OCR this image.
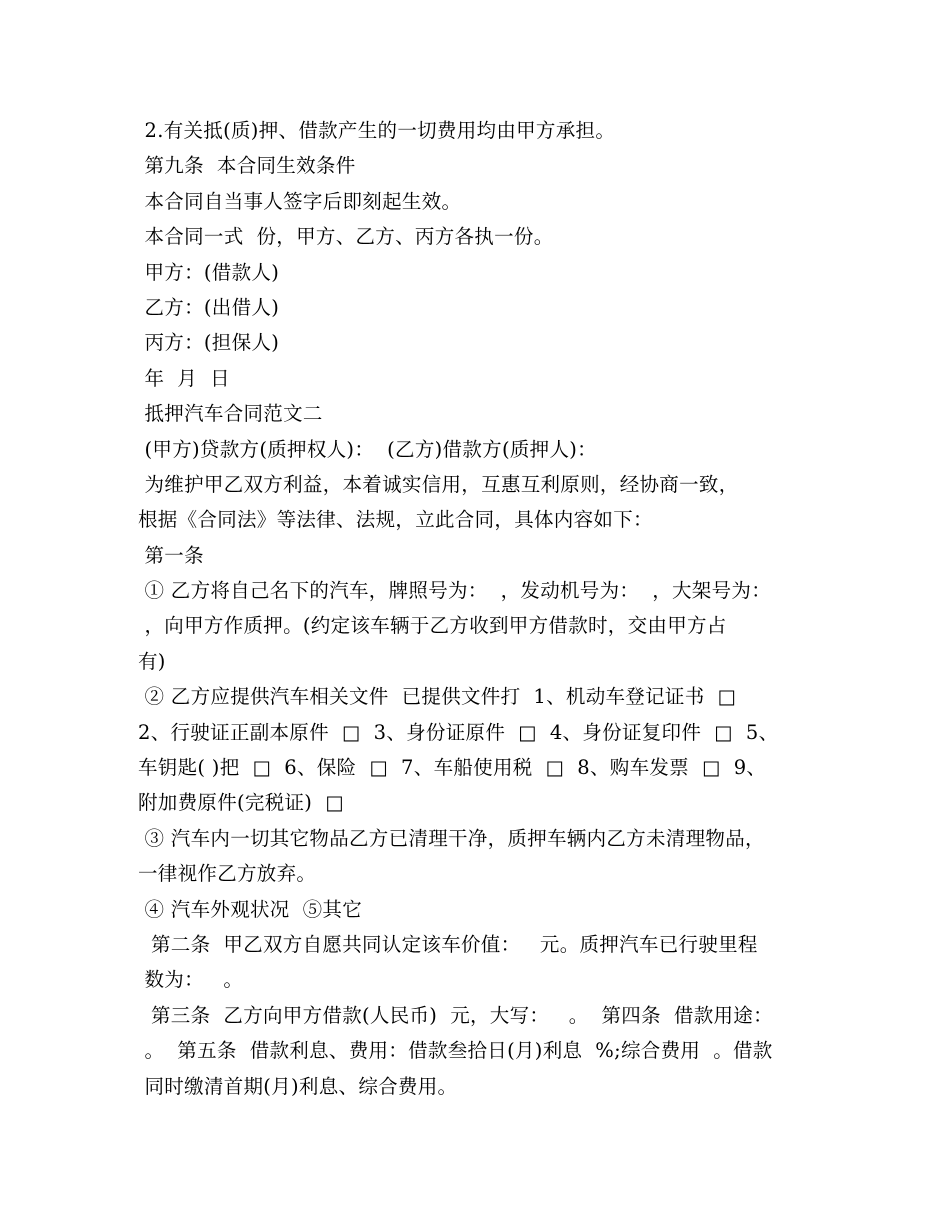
2.有关抵(质)押、借款产生的一切费用均由甲方承担。
第九条  本合同生效条件
本合同自当事人签字后即刻起生效。
本合同一式  份，甲方、乙方、丙方各执一份。
甲方：(借款人)
乙方：(出借人)
丙方：(担保人)
年  月  日
抵押汽车合同范文二
(甲方)贷款方(质押权人)：  (乙方)借款方(质押人)：
为维护甲乙双方利益，本着诚实信用，互惠互利原则，经协商一致，
根据《合同法》等法律、法规，立此合同，具体内容如下：
第一条
① 乙方将自己名下的汽车，牌照号为：  ，发动机号为：  ，大架号为：
，向甲方作质押。(约定该车辆于乙方收到甲方借款时，交由甲方占
有)
② 乙方应提供汽车相关文件  已提供文件打  1、机动车登记证书  □
2、行驶证正副本原件  □  3、身份证原件  □  4、身份证复印件  □  5、
车钥匙( )把  □  6、保险  □  7、车船使用税  □  8、购车发票  □  9、
附加费原件(完税证)  □
③ 汽车内一切其它物品乙方已清理干净，质押车辆内乙方未清理物品，
一律视作乙方放弃。
④ 汽车外观状况  ⑤其它
第二条  甲乙双方自愿共同认定该车价值：   元。质押汽车已行驶里程
数为：   。
第三条  乙方向甲方借款(人民币)  元，大写：   。  第四条  借款用途：
。  第五条  借款利息、费用：借款叁拾日(月)利息  %;综合费用  。借款
同时缴清首期(月)利息、综合费用。
